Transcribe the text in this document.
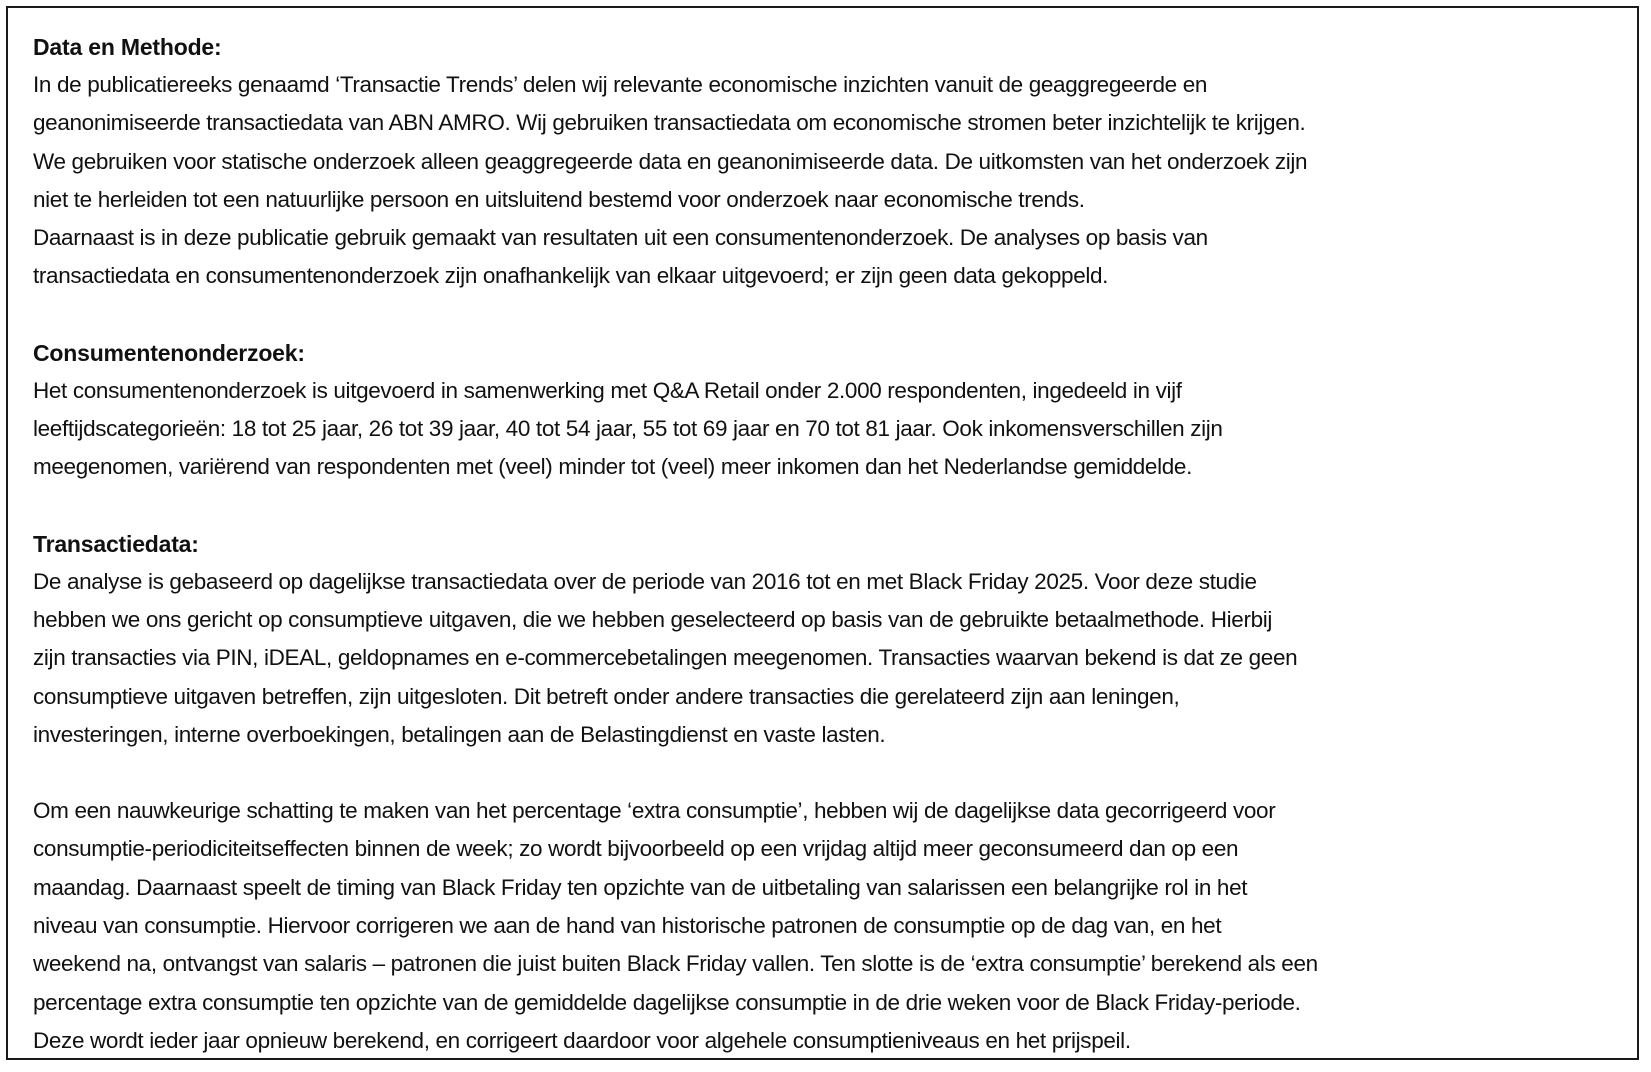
Data en Methode:

In de publicatiereeks genaamd ‘Transactie Trends’ delen wij relevante economische inzichten vanuit de geaggregeerde en
geanonimiseerde transactiedata van ABN AMRO. Wij gebruiken transactiedata om economische stromen beter inzichtelijk te krijgen.
We gebruiken voor statische onderzoek alleen geaggregeerde data en geanonimiseerde data. De uitkomsten van het onderzoek zijn
niet te herleiden tot een natuurlijke persoon en uitsluitend bestemd voor onderzoek naar economische trends.
Daarnaast is in deze publicatie gebruik gemaakt van resultaten uit een consumentenonderzoek. De analyses op basis van
transactiedata en consumentenonderzoek zijn onafhankelijk van elkaar uitgevoerd; er zijn geen data gekoppeld.

Consumentenonderzoek:

Het consumentenonderzoek is uitgevoerd in samenwerking met Q&A Retail onder 2.000 respondenten, ingedeeld in vijf
leeftijdscategorieën: 18 tot 25 jaar, 26 tot 39 jaar, 40 tot 54 jaar, 55 tot 69 jaar en 70 tot 81 jaar. Ook inkomensverschillen zijn
meegenomen, variërend van respondenten met (veel) minder tot (veel) meer inkomen dan het Nederlandse gemiddelde.

Transactiedata:

De analyse is gebaseerd op dagelijkse transactiedata over de periode van 2016 tot en met Black Friday 2025. Voor deze studie
hebben we ons gericht op consumptieve uitgaven, die we hebben geselecteerd op basis van de gebruikte betaalmethode. Hierbij
zijn transacties via PIN, iDEAL, geldopnames en e-commercebetalingen meegenomen. Transacties waarvan bekend is dat ze geen
consumptieve uitgaven betreffen, zijn uitgesloten. Dit betreft onder andere transacties die gerelateerd zijn aan leningen,
investeringen, interne overboekingen, betalingen aan de Belastingdienst en vaste lasten.

Om een nauwkeurige schatting te maken van het percentage ‘extra consumptie’, hebben wij de dagelijkse data gecorrigeerd voor
consumptie-periodiciteitseffecten binnen de week; zo wordt bijvoorbeeld op een vrijdag altijd meer geconsumeerd dan op een
maandag. Daarnaast speelt de timing van Black Friday ten opzichte van de uitbetaling van salarissen een belangrijke rol in het
niveau van consumptie. Hiervoor corrigeren we aan de hand van historische patronen de consumptie op de dag van, en het
weekend na, ontvangst van salaris – patronen die juist buiten Black Friday vallen. Ten slotte is de ‘extra consumptie’ berekend als een
percentage extra consumptie ten opzichte van de gemiddelde dagelijkse consumptie in de drie weken voor de Black Friday-periode.
Deze wordt ieder jaar opnieuw berekend, en corrigeert daardoor voor algehele consumptieniveaus en het prijspeil.
